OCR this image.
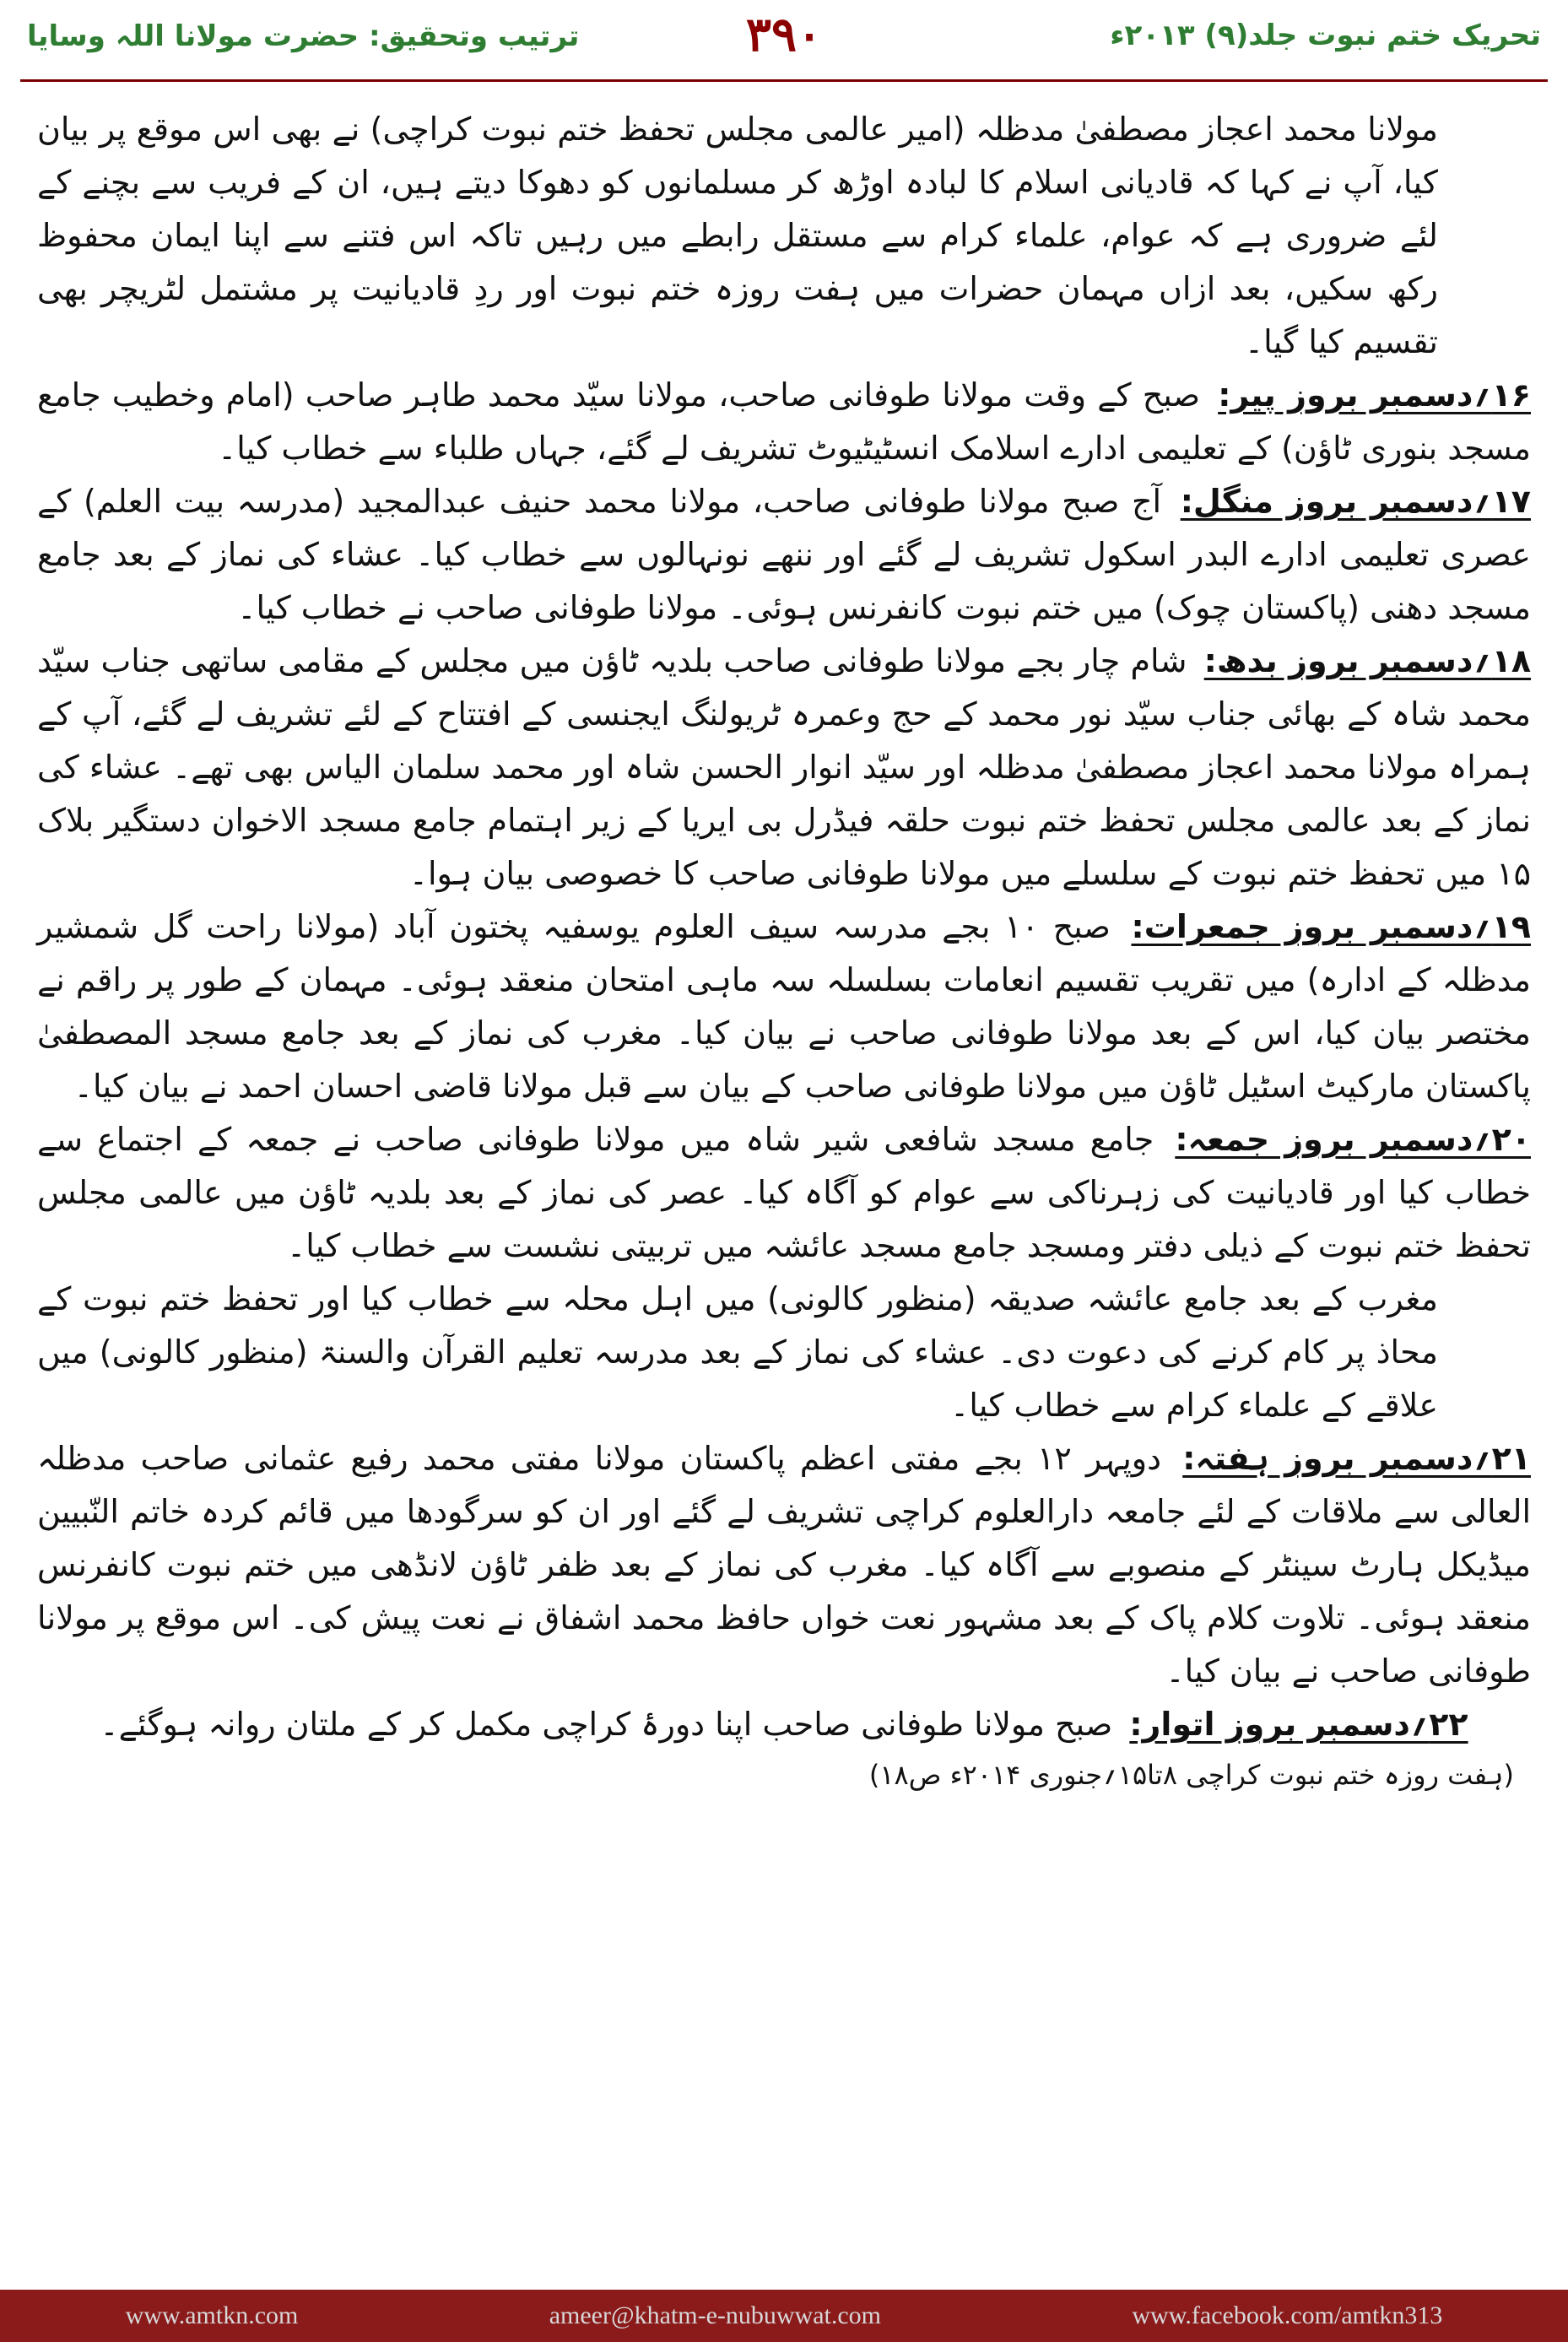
ترتیب وتحقیق: حضرت مولانا اللہ وسایا	۳۹۰	تحریک ختم نبوت جلد(۹) ۲۰۱۳ء

مولانا محمد اعجاز مصطفیٰ مدظلہ (امیر عالمی مجلس تحفظ ختم نبوت کراچی) نے بھی اس موقع پر بیان کیا، آپ نے کہا کہ قادیانی اسلام کا لبادہ اوڑھ کر مسلمانوں کو دھوکا دیتے ہیں، ان کے فریب سے بچنے کے لئے ضروری ہے کہ عوام، علماء کرام سے مستقل رابطے میں رہیں تاکہ اس فتنے سے اپنا ایمان محفوظ رکھ سکیں، بعد ازاں مہمان حضرات میں ہفت روزہ ختم نبوت اور ردِ قادیانیت پر مشتمل لٹریچر بھی تقسیم کیا گیا۔

۱۶؍دسمبر بروز پیر: صبح کے وقت مولانا طوفانی صاحب، مولانا سیّد محمد طاہر صاحب (امام وخطیب جامع مسجد بنوری ٹاؤن) کے تعلیمی ادارے اسلامک انسٹیٹیوٹ تشریف لے گئے، جہاں طلباء سے خطاب کیا۔

۱۷؍دسمبر بروز منگل: آج صبح مولانا طوفانی صاحب، مولانا محمد حنیف عبدالمجید (مدرسہ بیت العلم) کے عصری تعلیمی ادارے البدر اسکول تشریف لے گئے اور ننھے نونہالوں سے خطاب کیا۔ عشاء کی نماز کے بعد جامع مسجد دھنی (پاکستان چوک) میں ختم نبوت کانفرنس ہوئی۔ مولانا طوفانی صاحب نے خطاب کیا۔

۱۸؍دسمبر بروز بدھ: شام چار بجے مولانا طوفانی صاحب بلدیہ ٹاؤن میں مجلس کے مقامی ساتھی جناب سیّد محمد شاہ کے بھائی جناب سیّد نور محمد کے حج وعمرہ ٹریولنگ ایجنسی کے افتتاح کے لئے تشریف لے گئے، آپ کے ہمراہ مولانا محمد اعجاز مصطفیٰ مدظلہ اور سیّد انوار الحسن شاہ اور محمد سلمان الیاس بھی تھے۔ عشاء کی نماز کے بعد عالمی مجلس تحفظ ختم نبوت حلقہ فیڈرل بی ایریا کے زیر اہتمام جامع مسجد الاخوان دستگیر بلاک ۱۵ میں تحفظ ختم نبوت کے سلسلے میں مولانا طوفانی صاحب کا خصوصی بیان ہوا۔

۱۹؍دسمبر بروز جمعرات: صبح ۱۰ بجے مدرسہ سیف العلوم یوسفیہ پختون آباد (مولانا راحت گل شمشیر مدظلہ کے ادارہ) میں تقریب تقسیم انعامات بسلسلہ سہ ماہی امتحان منعقد ہوئی۔ مہمان کے طور پر راقم نے مختصر بیان کیا، اس کے بعد مولانا طوفانی صاحب نے بیان کیا۔ مغرب کی نماز کے بعد جامع مسجد المصطفیٰ پاکستان مارکیٹ اسٹیل ٹاؤن میں مولانا طوفانی صاحب کے بیان سے قبل مولانا قاضی احسان احمد نے بیان کیا۔

۲۰؍دسمبر بروز جمعہ: جامع مسجد شافعی شیر شاہ میں مولانا طوفانی صاحب نے جمعہ کے اجتماع سے خطاب کیا اور قادیانیت کی زہرناکی سے عوام کو آگاہ کیا۔ عصر کی نماز کے بعد بلدیہ ٹاؤن میں عالمی مجلس تحفظ ختم نبوت کے ذیلی دفتر ومسجد جامع مسجد عائشہ میں تربیتی نشست سے خطاب کیا۔

مغرب کے بعد جامع عائشہ صدیقہ (منظور کالونی) میں اہل محلہ سے خطاب کیا اور تحفظ ختم نبوت کے محاذ پر کام کرنے کی دعوت دی۔ عشاء کی نماز کے بعد مدرسہ تعلیم القرآن والسنۃ (منظور کالونی) میں علاقے کے علماء کرام سے خطاب کیا۔

۲۱؍دسمبر بروز ہفتہ: دوپہر ۱۲ بجے مفتی اعظم پاکستان مولانا مفتی محمد رفیع عثمانی صاحب مدظلہ العالی سے ملاقات کے لئے جامعہ دارالعلوم کراچی تشریف لے گئے اور ان کو سرگودھا میں قائم کردہ خاتم النّبیین میڈیکل ہارٹ سینٹر کے منصوبے سے آگاہ کیا۔ مغرب کی نماز کے بعد ظفر ٹاؤن لانڈھی میں ختم نبوت کانفرنس منعقد ہوئی۔ تلاوت کلام پاک کے بعد مشہور نعت خواں حافظ محمد اشفاق نے نعت پیش کی۔ اس موقع پر مولانا طوفانی صاحب نے بیان کیا۔

۲۲؍دسمبر بروز اتوار: صبح مولانا طوفانی صاحب اپنا دورۂ کراچی مکمل کر کے ملتان روانہ ہوگئے۔

(ہفت روزہ ختم نبوت کراچی ۸تا۱۵؍جنوری ۲۰۱۴ء ص۱۸)

www.amtkn.com	ameer@khatm-e-nubuwwat.com	www.facebook.com/amtkn313
